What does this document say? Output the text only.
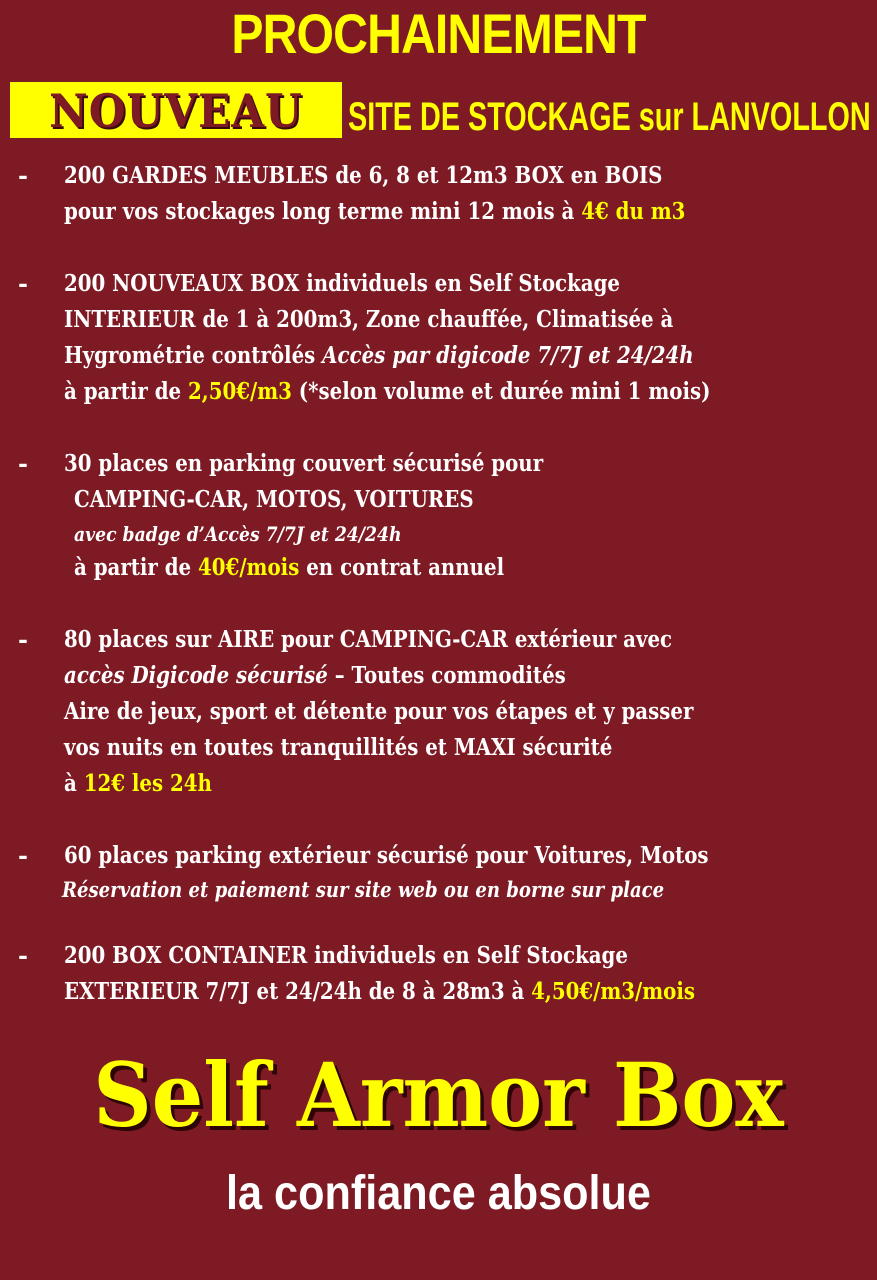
PROCHAINEMENT
NOUVEAU	SITE DE STOCKAGE sur LANVOLLON
- 200 GARDES MEUBLES de 6, 8 et 12m3 BOX en BOIS
pour vos stockages long terme mini 12 mois à 4€ du m3
- 200 NOUVEAUX BOX individuels en Self Stockage
INTERIEUR de 1 à 200m3, Zone chauffée, Climatisée à
Hygrométrie contrôlés Accès par digicode 7/7J et 24/24h
à partir de 2,50€/m3 (*selon volume et durée mini 1 mois)
- 30 places en parking couvert sécurisé pour
CAMPING-CAR, MOTOS, VOITURES
avec badge d’Accès 7/7J et 24/24h
à partir de 40€/mois en contrat annuel
- 80 places sur AIRE pour CAMPING-CAR extérieur avec
accès Digicode sécurisé – Toutes commodités
Aire de jeux, sport et détente pour vos étapes et y passer
vos nuits en toutes tranquillités et MAXI sécurité
à 12€ les 24h
- 60 places parking extérieur sécurisé pour Voitures, Motos
Réservation et paiement sur site web ou en borne sur place
- 200 BOX CONTAINER individuels en Self Stockage
EXTERIEUR 7/7J et 24/24h de 8 à 28m3 à 4,50€/m3/mois
Self Armor Box
la confiance absolue
